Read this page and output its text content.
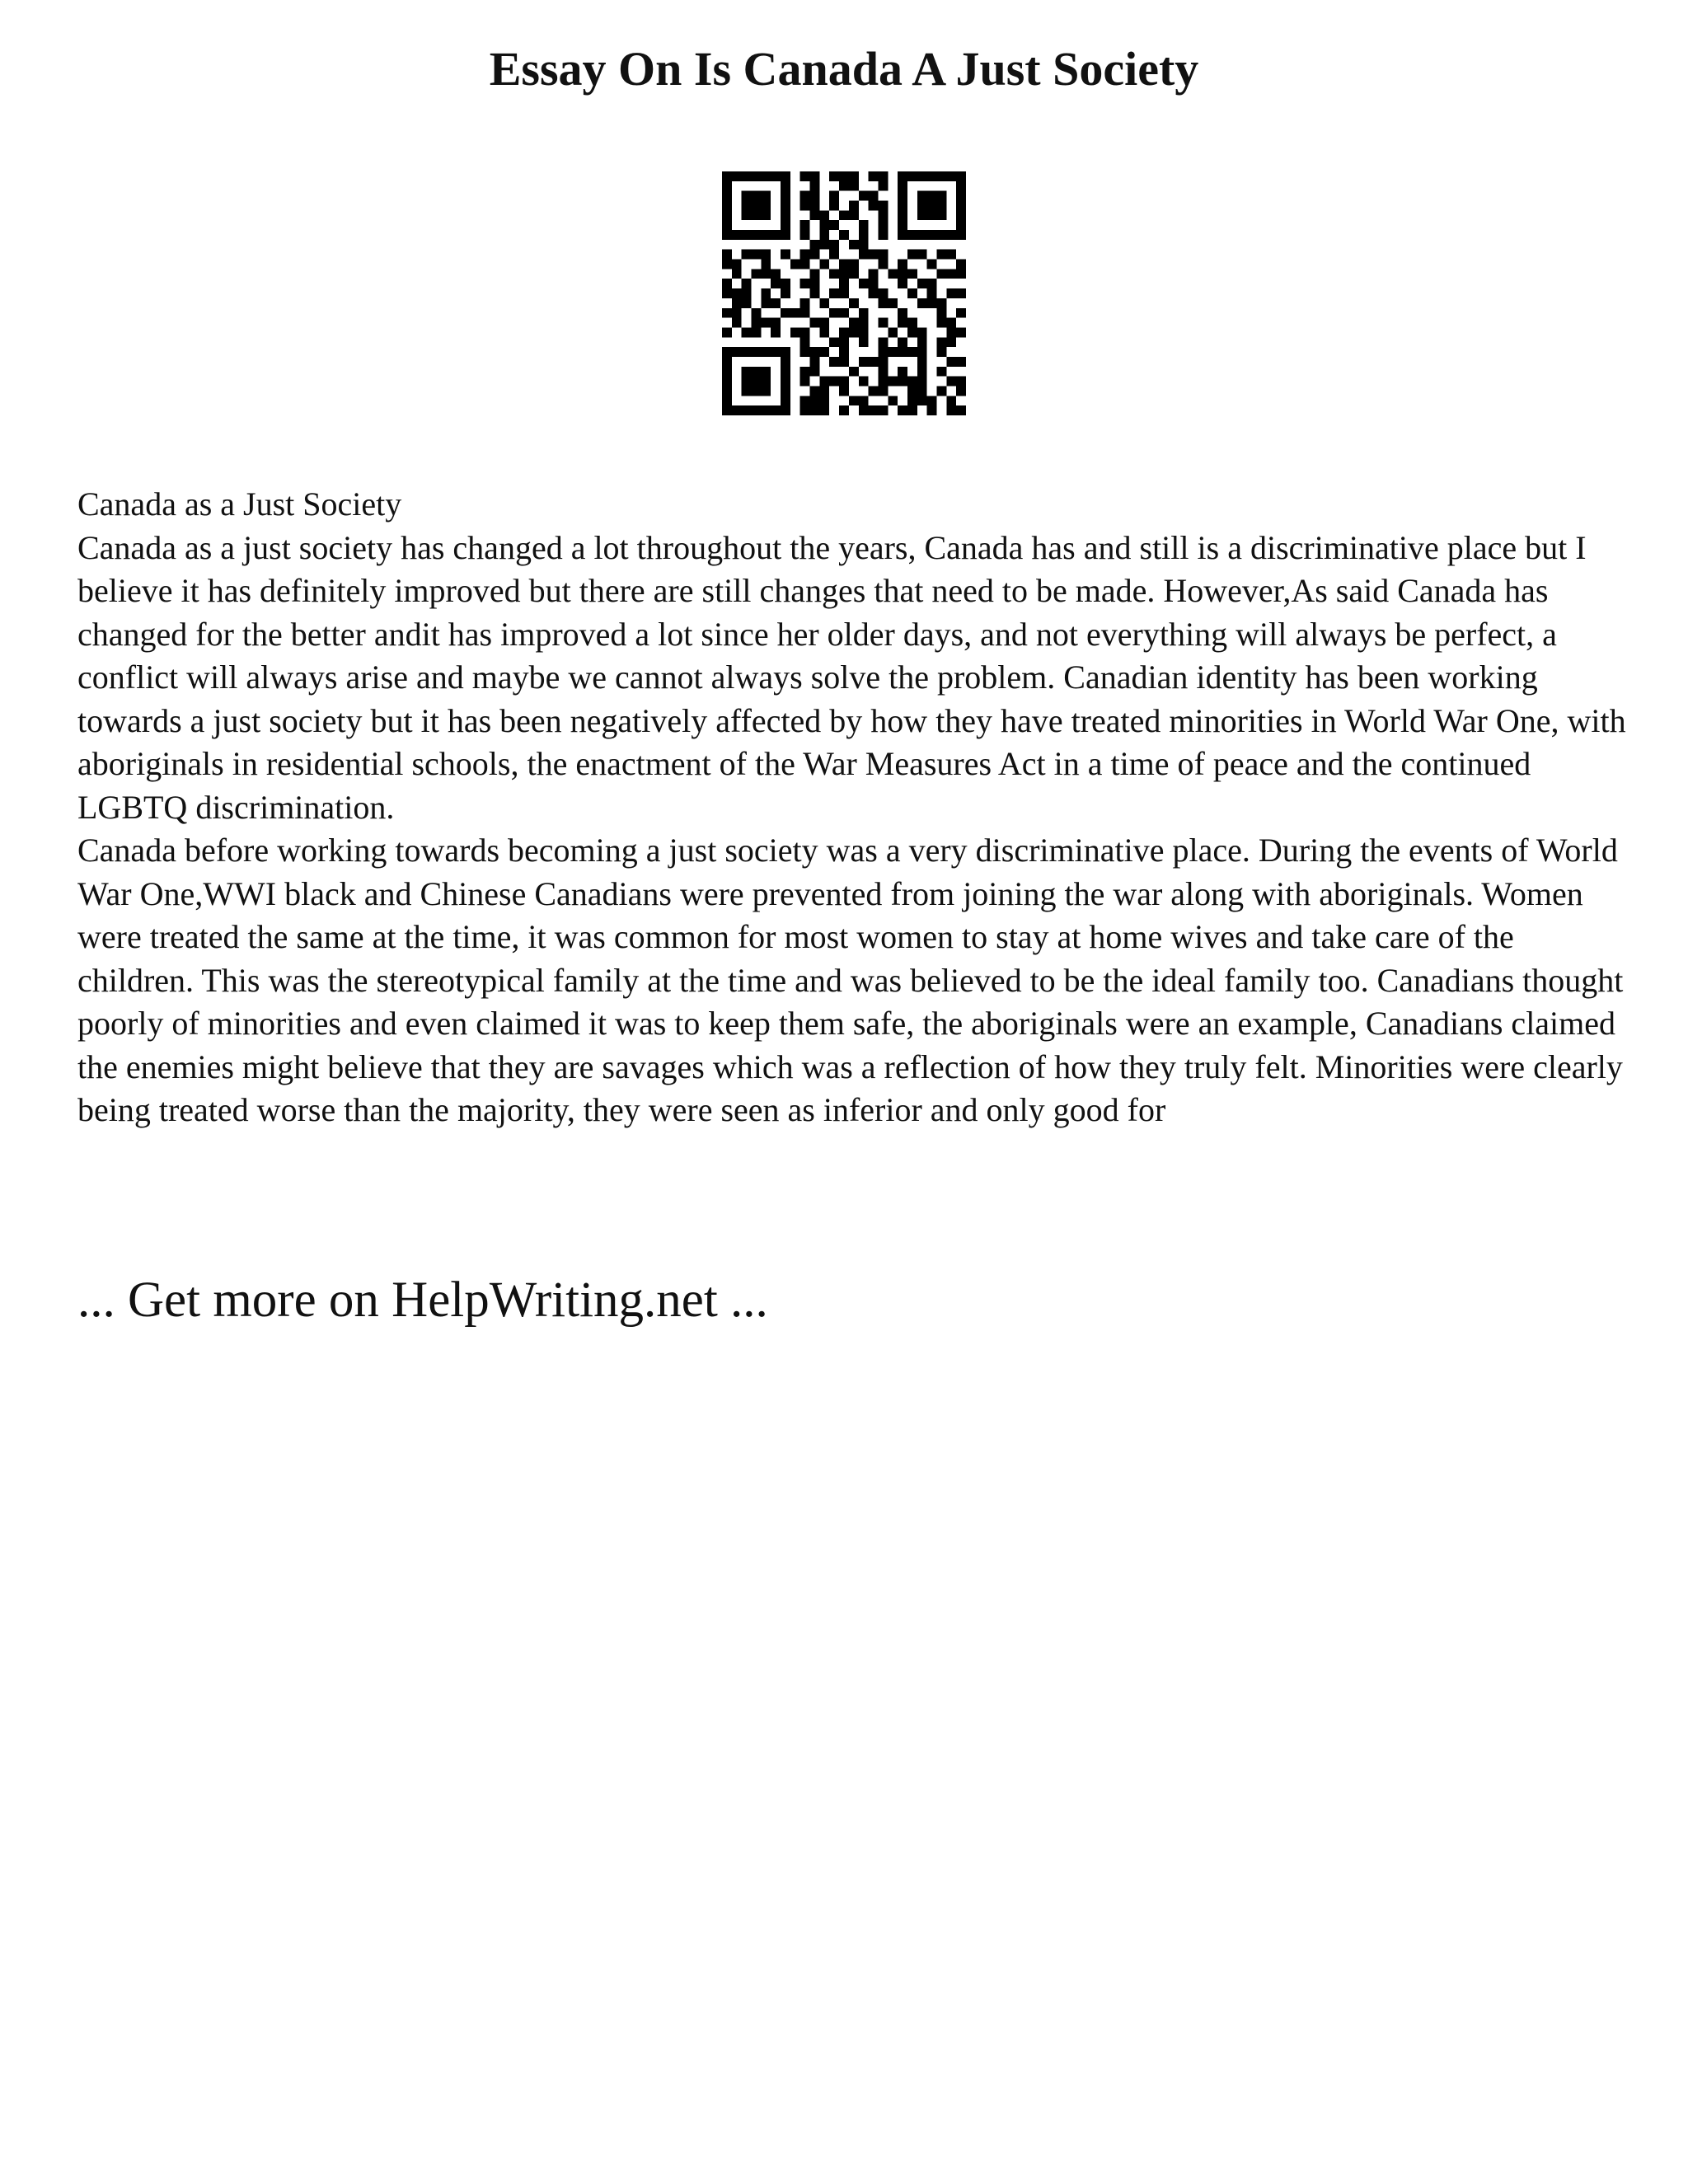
Essay On Is Canada A Just Society

Canada as a Just Society

Canada as a just society has changed a lot throughout the years, Canada has and still is a discriminative place but I believe it has definitely improved but there are still changes that need to be made. However,As said Canada has changed for the better andit has improved a lot since her older days, and not everything will always be perfect, a conflict will always arise and maybe we cannot always solve the problem. Canadian identity has been working towards a just society but it has been negatively affected by how they have treated minorities in World War One, with aboriginals in residential schools, the enactment of the War Measures Act in a time of peace and the continued LGBTQ discrimination.

Canada before working towards becoming a just society was a very discriminative place. During the events of World War One,WWI black and Chinese Canadians were prevented from joining the war along with aboriginals. Women were treated the same at the time, it was common for most women to stay at home wives and take care of the children. This was the stereotypical family at the time and was believed to be the ideal family too. Canadians thought poorly of minorities and even claimed it was to keep them safe, the aboriginals were an example, Canadians claimed the enemies might believe that they are savages which was a reflection of how they truly felt. Minorities were clearly being treated worse than the majority, they were seen as inferior and only good for

... Get more on HelpWriting.net ...
